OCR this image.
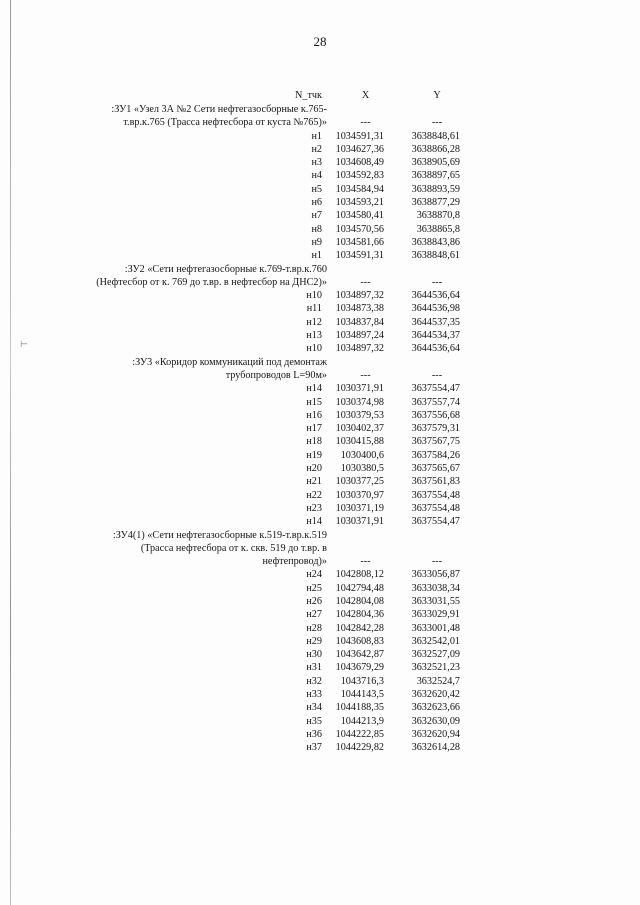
⊢
28
N_тчк	X	Y

:ЗУ1 «Узел 3А №2 Сети нефтегазосборные к.765-
т.вр.к.765 (Трасса нефтесбора от куста №765)»	---	---
н1	1034591,31	3638848,61
н2	1034627,36	3638866,28
н3	1034608,49	3638905,69
н4	1034592,83	3638897,65
н5	1034584,94	3638893,59
н6	1034593,21	3638877,29
н7	1034580,41	3638870,8
н8	1034570,56	3638865,8
н9	1034581,66	3638843,86
н1	1034591,31	3638848,61

:ЗУ2 «Сети нефтегазосборные к.769-т.вр.к.760
(Нефтесбор от к. 769 до т.вр. в нефтесбор на ДНС2)»	---	---
н10	1034897,32	3644536,64
н11	1034873,38	3644536,98
н12	1034837,84	3644537,35
н13	1034897,24	3644534,37
н10	1034897,32	3644536,64

:ЗУ3 «Коридор коммуникаций под демонтаж
трубопроводов L=90м»	---	---
н14	1030371,91	3637554,47
н15	1030374,98	3637557,74
н16	1030379,53	3637556,68
н17	1030402,37	3637579,31
н18	1030415,88	3637567,75
н19	1030400,6	3637584,26
н20	1030380,5	3637565,67
н21	1030377,25	3637561,83
н22	1030370,97	3637554,48
н23	1030371,19	3637554,48
н14	1030371,91	3637554,47

:ЗУ4(1) «Сети нефтегазосборные к.519-т.вр.к.519
(Трасса нефтесбора от к. скв. 519 до т.вр. в
нефтепровод)»	---	---
н24	1042808,12	3633056,87
н25	1042794,48	3633038,34
н26	1042804,08	3633031,55
н27	1042804,36	3633029,91
н28	1042842,28	3633001,48
н29	1043608,83	3632542,01
н30	1043642,87	3632527,09
н31	1043679,29	3632521,23
н32	1043716,3	3632524,7
н33	1044143,5	3632620,42
н34	1044188,35	3632623,66
н35	1044213,9	3632630,09
н36	1044222,85	3632620,94
н37	1044229,82	3632614,28
